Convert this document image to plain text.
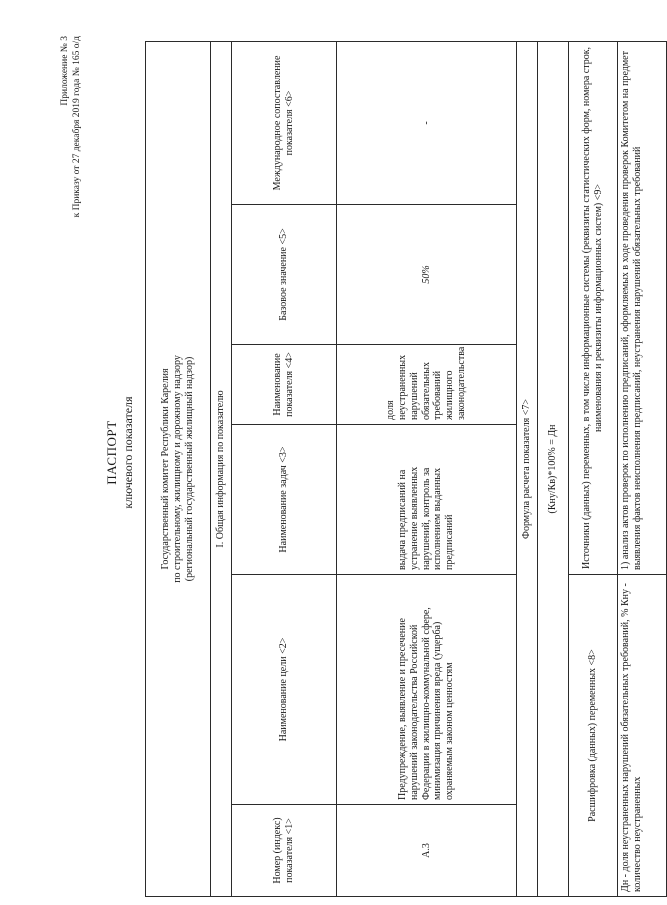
Приложение № 3 к Приказу от 27 декабря 2019 года № 165 о/д
ПАСПОРТ ключевого показателя	Государственный комитет Республики Карелия по строительному, жилищному и дорожному надзору (региональный государственный жилищный надзор)					

I. Общая информация по показателю					
Номер (индекс) показателя <1>	Наименование цели <2>	Наименование задач <3>	Наименование показателя <4>	Базовое значение <5>	Международное сопоставление показателя <6>
А.3	Предупреждение, выявление и пресечение нарушений законодательства Российской Федерации в жилищно-коммунальной сфере, минимизация причинения вреда (ущерба) охраняемым законом ценностям	выдача предписаний на устранение выявленных нарушений, контроль за исполнением выданных предписаний	доля неустраненных нарушений обязательных требований жилищного законодательства	50%	-
Формула расчета показателя <7>					
(Кну/Кв)*100% = Дн					
Расшифровка (данных) переменных <8>		Источники (данных) переменных, в том числе информационные системы (реквизиты статистических форм, номера строк, наименования и реквизиты информационных систем) <9>			
Дн - доля неустраненных нарушений обязательных требований, % Кну - количество неустраненных		1) анализ актов проверок по исполнению предписаний, оформляемых в ходе проведения проверок Комитетом на предмет выявления фактов неисполнения предписаний, неустранения нарушений обязательных требований			
